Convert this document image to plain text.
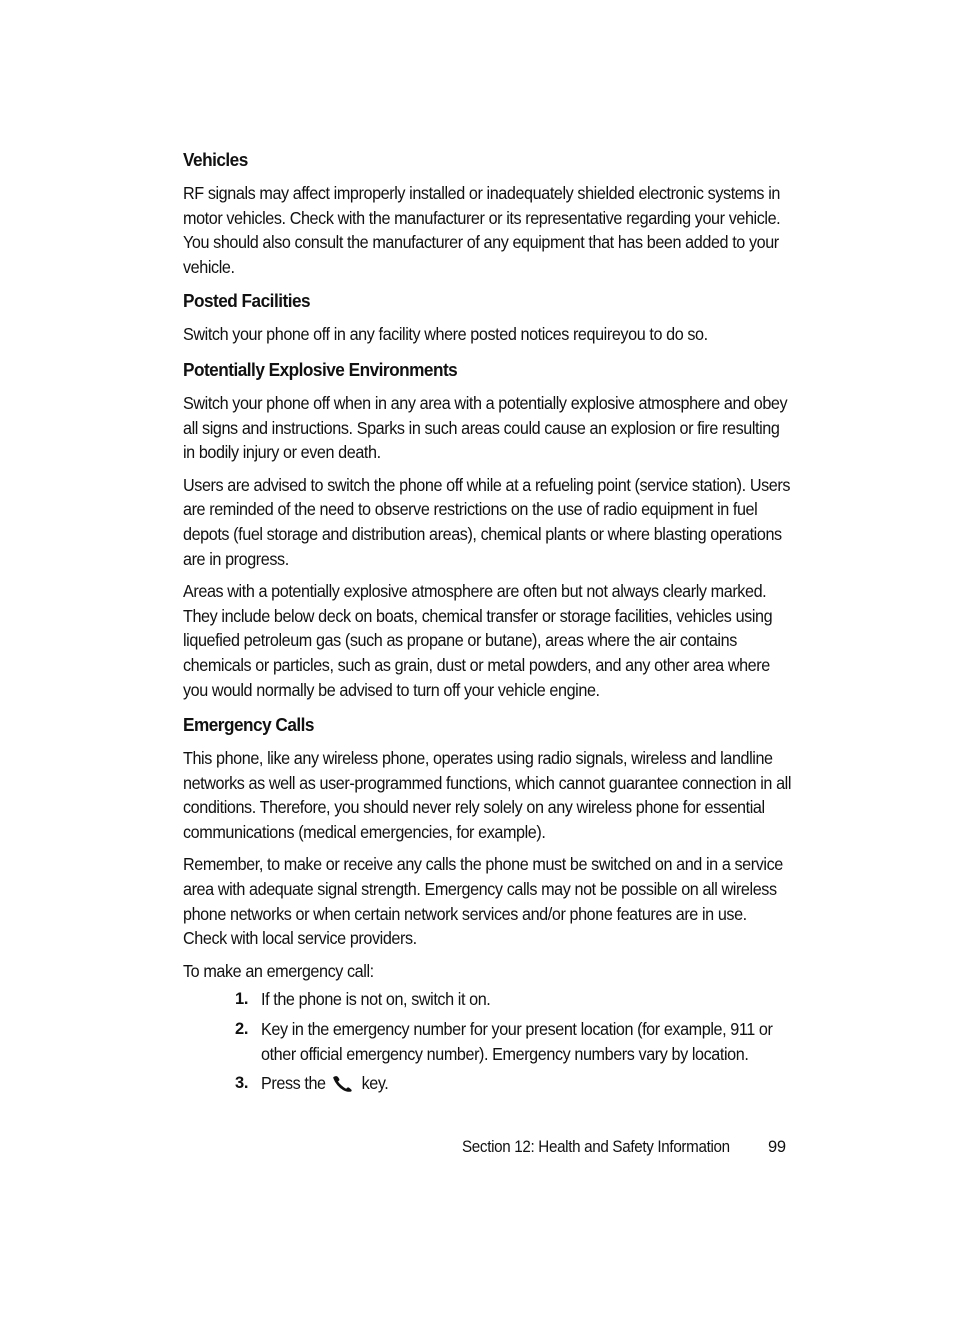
Vehicles

RF signals may affect improperly installed or inadequately shielded electronic systems in motor vehicles. Check with the manufacturer or its representative regarding your vehicle. You should also consult the manufacturer of any equipment that has been added to your vehicle.

Posted Facilities

Switch your phone off in any facility where posted notices requireyou to do so.

Potentially Explosive Environments

Switch your phone off when in any area with a potentially explosive atmosphere and obey all signs and instructions. Sparks in such areas could cause an explosion or fire resulting in bodily injury or even death.

Users are advised to switch the phone off while at a refueling point (service station). Users are reminded of the need to observe restrictions on the use of radio equipment in fuel depots (fuel storage and distribution areas), chemical plants or where blasting operations are in progress.

Areas with a potentially explosive atmosphere are often but not always clearly marked. They include below deck on boats, chemical transfer or storage facilities, vehicles using liquefied petroleum gas (such as propane or butane), areas where the air contains chemicals or particles, such as grain, dust or metal powders, and any other area where you would normally be advised to turn off your vehicle engine.

Emergency Calls

This phone, like any wireless phone, operates using radio signals, wireless and landline networks as well as user-programmed functions, which cannot guarantee connection in all conditions. Therefore, you should never rely solely on any wireless phone for essential communications (medical emergencies, for example).

Remember, to make or receive any calls the phone must be switched on and in a service area with adequate signal strength. Emergency calls may not be possible on all wireless phone networks or when certain network services and/or phone features are in use. Check with local service providers.

To make an emergency call:

1. If the phone is not on, switch it on.
2. Key in the emergency number for your present location (for example, 911 or other official emergency number). Emergency numbers vary by location.
3. Press the key.
Section 12: Health and Safety Information 99
